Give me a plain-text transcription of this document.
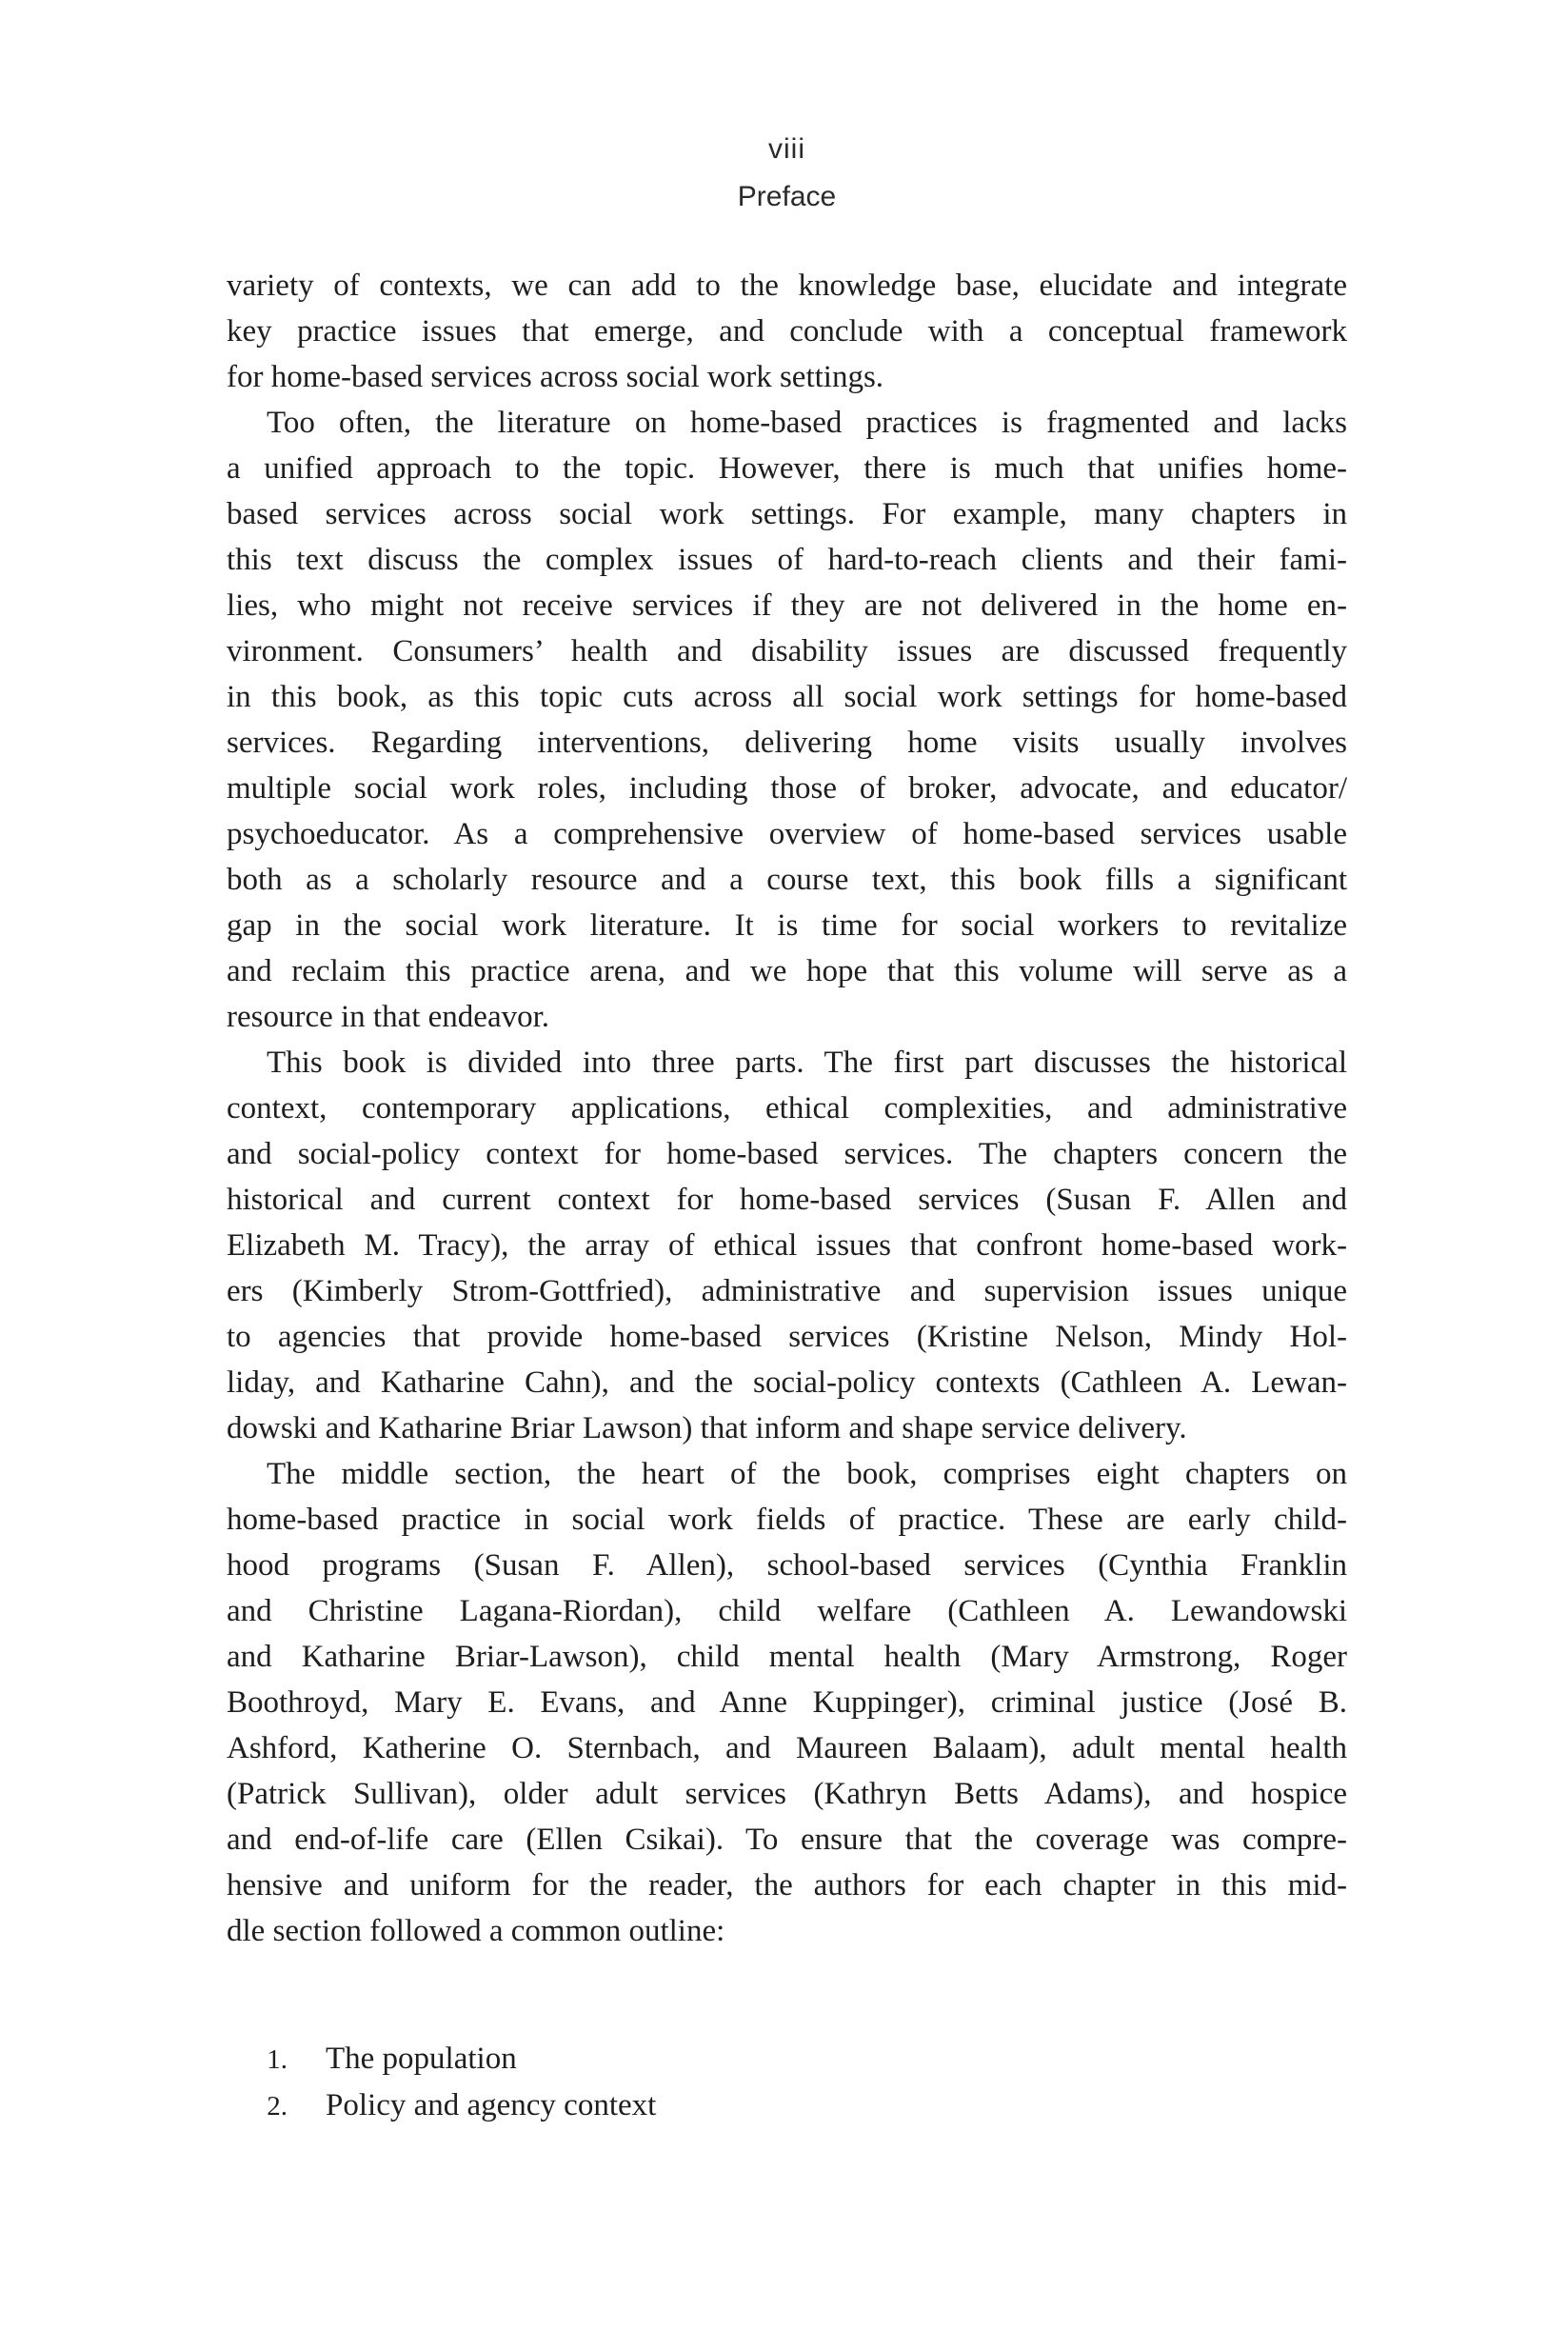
viii
Preface
variety of contexts, we can add to the knowledge base, elucidate and integrate
key practice issues that emerge, and conclude with a conceptual framework
for home-based services across social work settings.
Too often, the literature on home-based practices is fragmented and lacks
a unified approach to the topic. However, there is much that unifies home-
based services across social work settings. For example, many chapters in
this text discuss the complex issues of hard-to-reach clients and their fami-
lies, who might not receive services if they are not delivered in the home en-
vironment. Consumers’ health and disability issues are discussed frequently
in this book, as this topic cuts across all social work settings for home-based
services. Regarding interventions, delivering home visits usually involves
multiple social work roles, including those of broker, advocate, and educator/
psychoeducator. As a comprehensive overview of home-based services usable
both as a scholarly resource and a course text, this book fills a significant
gap in the social work literature. It is time for social workers to revitalize
and reclaim this practice arena, and we hope that this volume will serve as a
resource in that endeavor.
This book is divided into three parts. The first part discusses the historical
context, contemporary applications, ethical complexities, and administrative
and social-policy context for home-based services. The chapters concern the
historical and current context for home-based services (Susan F. Allen and
Elizabeth M. Tracy), the array of ethical issues that confront home-based work-
ers (Kimberly Strom-Gottfried), administrative and supervision issues unique
to agencies that provide home-based services (Kristine Nelson, Mindy Hol-
liday, and Katharine Cahn), and the social-policy contexts (Cathleen A. Lewan-
dowski and Katharine Briar Lawson) that inform and shape service delivery.
The middle section, the heart of the book, comprises eight chapters on
home-based practice in social work fields of practice. These are early child-
hood programs (Susan F. Allen), school-based services (Cynthia Franklin
and Christine Lagana-Riordan), child welfare (Cathleen A. Lewandowski
and Katharine Briar-Lawson), child mental health (Mary Armstrong, Roger
Boothroyd, Mary E. Evans, and Anne Kuppinger), criminal justice (José B.
Ashford, Katherine O. Sternbach, and Maureen Balaam), adult mental health
(Patrick Sullivan), older adult services (Kathryn Betts Adams), and hospice
and end-of-life care (Ellen Csikai). To ensure that the coverage was compre-
hensive and uniform for the reader, the authors for each chapter in this mid-
dle section followed a common outline:
1.	The population
2.	Policy and agency context
